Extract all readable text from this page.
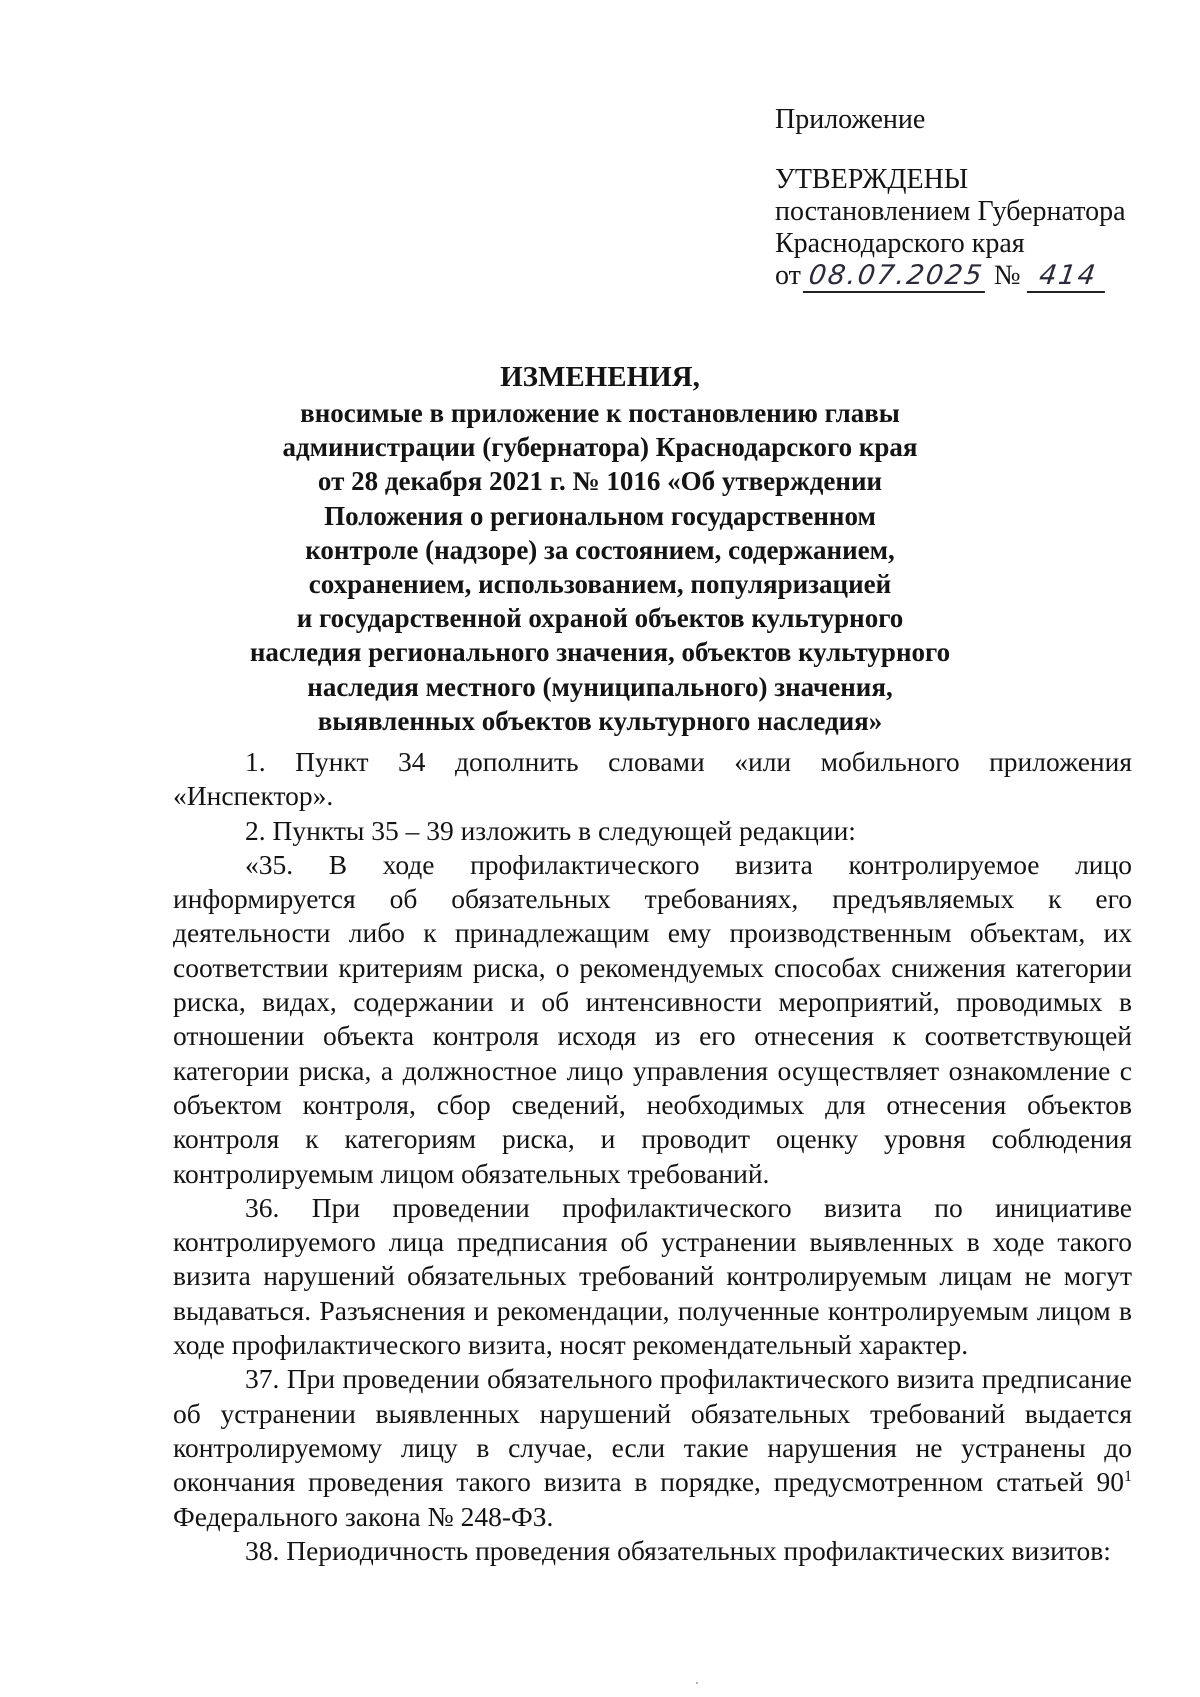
Приложение
УТВЕРЖДЕНЫ
постановлением Губернатора
Краснодарского края
от 08.07.2025 № 414
ИЗМЕНЕНИЯ,
вносимые в приложение к постановлению главы
администрации (губернатора) Краснодарского края
от 28 декабря 2021 г. № 1016 «Об утверждении
Положения о региональном государственном
контроле (надзоре) за состоянием, содержанием,
сохранением, использованием, популяризацией
и государственной охраной объектов культурного
наследия регионального значения, объектов культурного
наследия местного (муниципального) значения,
выявленных объектов культурного наследия»

1. Пункт 34 дополнить словами «или мобильного приложения «Инспектор».

2. Пункты 35 – 39 изложить в следующей редакции:

«35. В ходе профилактического визита контролируемое лицо информируется об обязательных требованиях, предъявляемых к его деятельности либо к принадлежащим ему производственным объектам, их соответствии критериям риска, о рекомендуемых способах снижения категории риска, видах, содержании и об интенсивности мероприятий, проводимых в отношении объекта контроля исходя из его отнесения к соответствующей категории риска, а должностное лицо управления осуществляет ознакомление с объектом контроля, сбор сведений, необходимых для отнесения объектов контроля к категориям риска, и проводит оценку уровня соблюдения контролируемым лицом обязательных требований.

36. При проведении профилактического визита по инициативе контролируемого лица предписания об устранении выявленных в ходе такого визита нарушений обязательных требований контролируемым лицам не могут выдаваться. Разъяснения и рекомендации, полученные контролируемым лицом в ходе профилактического визита, носят рекомендательный характер.

37. При проведении обязательного профилактического визита предписание об устранении выявленных нарушений обязательных требований выдается контролируемому лицу в случае, если такие нарушения не устранены до окончания проведения такого визита в порядке, предусмотренном статьей $90^1$ Федерального закона № 248-ФЗ.

38. Периодичность проведения обязательных профилактических визитов:
